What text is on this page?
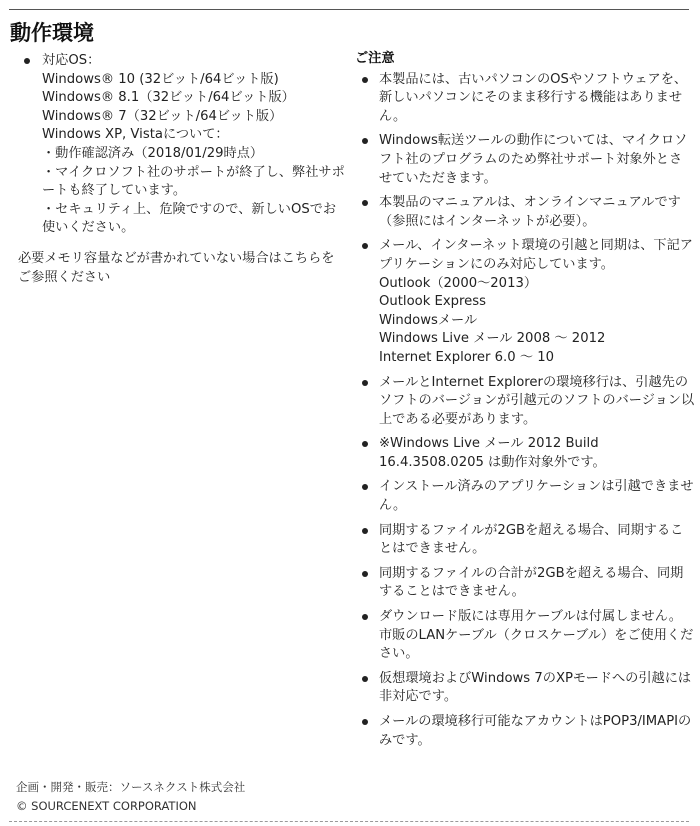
動作環境
対応OS：
Windows® 10 (32ビット/64ビット版)
Windows® 8.1（32ビット/64ビット版）
Windows® 7（32ビット/64ビット版）
Windows XP, Vistaについて：
・動作確認済み（2018/01/29時点）
・マイクロソフト社のサポートが終了し、弊社サポートも終了しています。
・セキュリティ上、危険ですので、新しいOSでお使いください。
必要メモリ容量などが書かれていない場合はこちらをご参照ください
ご注意
本製品には、古いパソコンのOSやソフトウェアを、新しいパソコンにそのまま移行する機能はありません。
Windows転送ツールの動作については、マイクロソフト社のプログラムのため弊社サポート対象外とさせていただきます。
本製品のマニュアルは、オンラインマニュアルです（参照にはインターネットが必要）。
メール、インターネット環境の引越と同期は、下記アプリケーションにのみ対応しています。
Outlook（2000～2013）
Outlook Express
Windowsメール
Windows Live メール 2008 ～ 2012
Internet Explorer 6.0 ～ 10
メールとInternet Explorerの環境移行は、引越先のソフトのバージョンが引越元のソフトのバージョン以上である必要があります。
※Windows Live メール 2012 Build 16.4.3508.0205 は動作対象外です。
インストール済みのアプリケーションは引越できません。
同期するファイルが2GBを超える場合、同期することはできません。
同期するファイルの合計が2GBを超える場合、同期することはできません。
ダウンロード版には専用ケーブルは付属しません。市販のLANケーブル（クロスケーブル）をご使用ください。
仮想環境およびWindows 7のXPモードへの引越には非対応です。
メールの環境移行可能なアカウントはPOP3/IMAPIのみです。
企画・開発・販売：ソースネクスト株式会社
© SOURCENEXT CORPORATION
